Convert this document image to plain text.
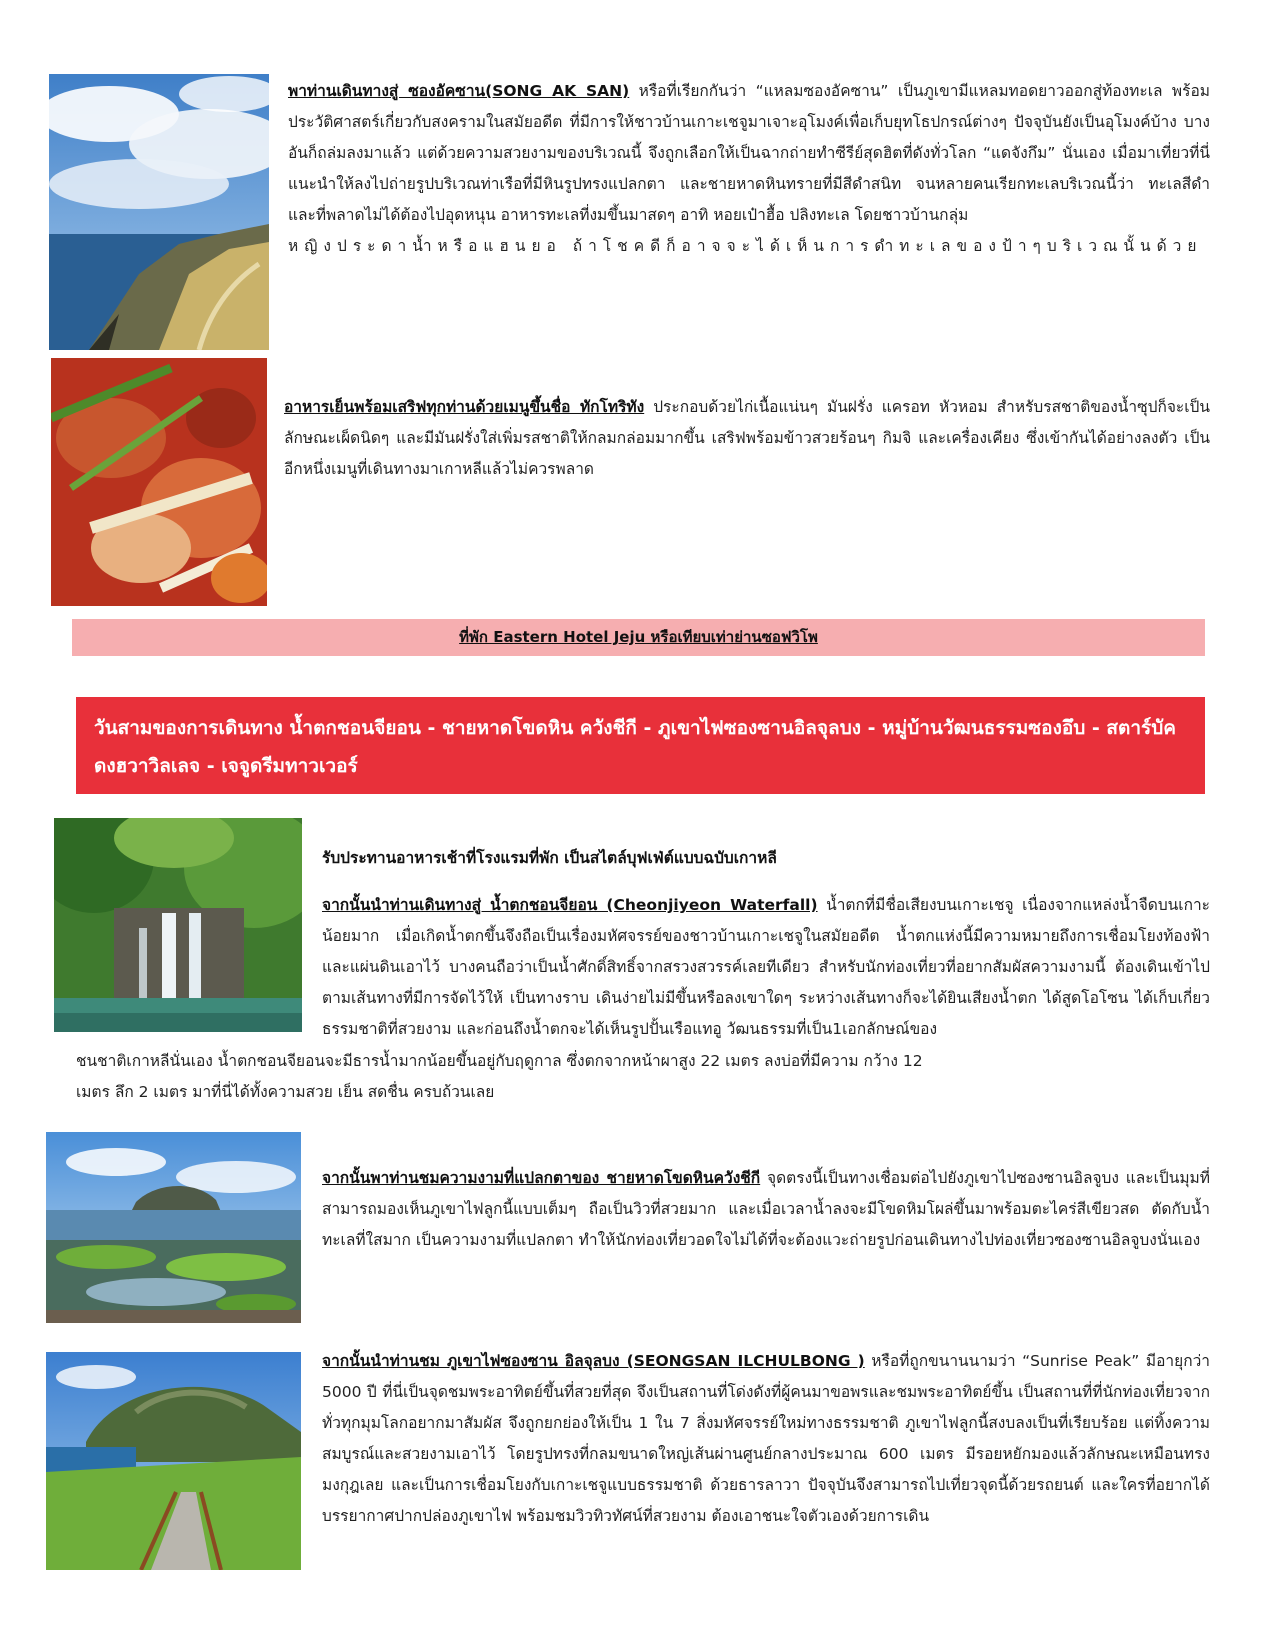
พาท่านเดินทางสู่ ซองอัคซาน(SONG AK SAN) หรือที่เรียกกันว่า “แหลมซองอัคซาน” เป็นภูเขามีแหลมทอดยาวออกสู่ท้องทะเล พร้อมประวัติศาสตร์เกี่ยวกับสงครามในสมัยอดีต ที่มีการให้ชาวบ้านเกาะเชจูมาเจาะอุโมงค์เพื่อเก็บยุทโธปกรณ์ต่างๆ ปัจจุบันยังเป็นอุโมงค์บ้าง บางอันก็ถล่มลงมาแล้ว แต่ด้วยความสวยงามของบริเวณนี้ จึงถูกเลือกให้เป็นฉากถ่ายทำซีรีย์สุดฮิตที่ดังทั่วโลก “แดจังกึม” นั่นเอง เมื่อมาเที่ยวที่นี่แนะนำให้ลงไปถ่ายรูปบริเวณท่าเรือที่มีหินรูปทรงแปลกตา และชายหาดหินทรายที่มีสีดำสนิท จนหลายคนเรียกทะเลบริเวณนี้ว่า ทะเลสีดำ และที่พลาดไม่ได้ต้องไปอุดหนุน อาหารทะเลที่งมขึ้นมาสดๆ อาทิ หอยเป๋าฮื้อ ปลิงทะเล โดยชาวบ้านกลุ่ม
หญิงประดาน้ำหรือแฮนยอ ถ้าโชคดีก็อาจจะได้เห็นการดำทะเลของป้าๆบริเวณนั้นด้วย

อาหารเย็นพร้อมเสริฟทุกท่านด้วยเมนูขึ้นชื่อ ทักโทริทัง ประกอบด้วยไก่เนื้อแน่นๆ มันฝรั่ง แครอท หัวหอม สำหรับรสชาติของน้ำซุปก็จะเป็นลักษณะเผ็ดนิดๆ และมีมันฝรั่งใส่เพิ่มรสชาติให้กลมกล่อมมากขึ้น เสริฟพร้อมข้าวสวยร้อนๆ กิมจิ และเครื่องเคียง ซึ่งเข้ากันได้อย่างลงตัว เป็นอีกหนึ่งเมนูที่เดินทางมาเกาหลีแล้วไม่ควรพลาด

ที่พัก Eastern Hotel Jeju หรือเทียบเท่าย่านซอฟวิโพ
วันสามของการเดินทาง น้ำตกชอนจียอน - ชายหาดโขดหิน ควังชีกี - ภูเขาไฟซองซานอิลจุลบง - หมู่บ้านวัฒนธรรมซองอึบ - สตาร์บัคดงฮวาวิลเลจ - เจจูดรีมทาวเวอร์

รับประทานอาหารเช้าที่โรงแรมที่พัก เป็นสไตล์บุฟเฟ่ต์แบบฉบับเกาหลี

จากนั้นนำท่านเดินทางสู่ น้ำตกชอนจียอน (Cheonjiyeon Waterfall) น้ำตกที่มีชื่อเสียงบนเกาะเชจู เนื่องจากแหล่งน้ำจืดบนเกาะน้อยมาก เมื่อเกิดน้ำตกขึ้นจึงถือเป็นเรื่องมหัศจรรย์ของชาวบ้านเกาะเชจูในสมัยอดีต น้ำตกแห่งนี้มีความหมายถึงการเชื่อมโยงท้องฟ้าและแผ่นดินเอาไว้ บางคนถือว่าเป็นน้ำศักดิ์สิทธิ์จากสรวงสวรรค์เลยทีเดียว สำหรับนักท่องเที่ยวที่อยากสัมผัสความงามนี้ ต้องเดินเข้าไปตามเส้นทางที่มีการจัดไว้ให้ เป็นทางราบ เดินง่ายไม่มีขึ้นหรือลงเขาใดๆ ระหว่างเส้นทางก็จะได้ยินเสียงน้ำตก ได้สูดโอโซน ได้เก็บเกี่ยวธรรมชาติที่สวยงาม และก่อนถึงน้ำตกจะได้เห็นรูปปั้นเรือแทอู วัฒนธรรมที่เป็น1เอกลักษณ์ของ

ชนชาติเกาหลีนั่นเอง น้ำตกชอนจียอนจะมีธารน้ำมากน้อยขึ้นอยู่กับฤดูกาล ซึ่งตกจากหน้าผาสูง 22 เมตร ลงบ่อที่มีความ กว้าง 12

เมตร ลึก 2 เมตร มาที่นี่ได้ทั้งความสวย เย็น สดชื่น ครบถ้วนเลย

จากนั้นพาท่านชมความงามที่แปลกตาของ ชายหาดโขดหินควังชีกี จุดตรงนี้เป็นทางเชื่อมต่อไปยังภูเขาไปซองซานอิลจูบง และเป็นมุมที่สามารถมองเห็นภูเขาไฟลูกนี้แบบเต็มๆ ถือเป็นวิวที่สวยมาก และเมื่อเวลาน้ำลงจะมีโขดหิมโผล่ขึ้นมาพร้อมตะไคร่สีเขียวสด ตัดกับน้ำทะเลที่ใสมาก เป็นความงามที่แปลกตา ทำให้นักท่องเที่ยวอดใจไม่ได้ที่จะต้องแวะถ่ายรูปก่อนเดินทางไปท่องเที่ยวซองซานอิลจูบงนั่นเอง

จากนั้นนำท่านชม ภูเขาไฟซองซาน อิลจุลบง (SEONGSAN ILCHULBONG ) หรือที่ถูกขนานนามว่า “Sunrise Peak” มีอายุกว่า 5000 ปี ที่นี่เป็นจุดชมพระอาทิตย์ขึ้นที่สวยที่สุด จึงเป็นสถานที่โด่งดังที่ผู้คนมาขอพรและชมพระอาทิตย์ขึ้น เป็นสถานที่ที่นักท่องเที่ยวจากทั่วทุกมุมโลกอยากมาสัมผัส จึงถูกยกย่องให้เป็น 1 ใน 7 สิ่งมหัศจรรย์ใหม่ทางธรรมชาติ ภูเขาไฟลูกนี้สงบลงเป็นที่เรียบร้อย แต่ทิ้งความสมบูรณ์และสวยงามเอาไว้ โดยรูปทรงที่กลมขนาดใหญ่เส้นผ่านศูนย์กลางประมาณ 600 เมตร มีรอยหยักมองแล้วลักษณะเหมือนทรงมงกุฎเลย และเป็นการเชื่อมโยงกับเกาะเชจูแบบธรรมชาติ ด้วยธารลาวา ปัจจุบันจึงสามารถไปเที่ยวจุดนี้ด้วยรถยนต์ และใครที่อยากได้บรรยากาศปากปล่องภูเขาไฟ พร้อมชมวิวทิวทัศน์ที่สวยงาม ต้องเอาชนะใจตัวเองด้วยการเดิน
